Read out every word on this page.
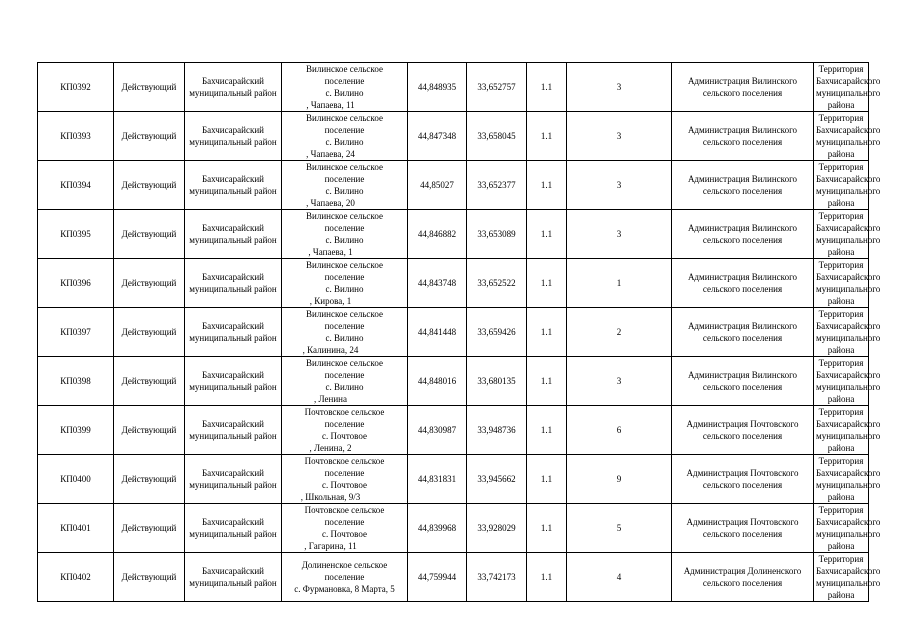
КП0392	Действующий	Бахчисарайский муниципальный район	Вилинское сельское
поселение
с. Вилино
, Чапаева, 11	44,848935	33,652757	1.1	3	Администрация Вилинского сельского поселения	Территория Бахчисарайского муниципального района
КП0393	Действующий	Бахчисарайский муниципальный район	Вилинское сельское
поселение
с. Вилино
, Чапаева, 24	44,847348	33,658045	1.1	3	Администрация Вилинского сельского поселения	Территория Бахчисарайского муниципального района
КП0394	Действующий	Бахчисарайский муниципальный район	Вилинское сельское
поселение
с. Вилино
, Чапаева, 20	44,85027	33,652377	1.1	3	Администрация Вилинского сельского поселения	Территория Бахчисарайского муниципального района
КП0395	Действующий	Бахчисарайский муниципальный район	Вилинское сельское
поселение
с. Вилино
, Чапаева, 1	44,846882	33,653089	1.1	3	Администрация Вилинского сельского поселения	Территория Бахчисарайского муниципального района
КП0396	Действующий	Бахчисарайский муниципальный район	Вилинское сельское
поселение
с. Вилино
, Кирова, 1	44,843748	33,652522	1.1	1	Администрация Вилинского сельского поселения	Территория Бахчисарайского муниципального района
КП0397	Действующий	Бахчисарайский муниципальный район	Вилинское сельское
поселение
с. Вилино
, Калинина, 24	44,841448	33,659426	1.1	2	Администрация Вилинского сельского поселения	Территория Бахчисарайского муниципального района
КП0398	Действующий	Бахчисарайский муниципальный район	Вилинское сельское
поселение
с. Вилино
, Ленина	44,848016	33,680135	1.1	3	Администрация Вилинского сельского поселения	Территория Бахчисарайского муниципального района
КП0399	Действующий	Бахчисарайский муниципальный район	Почтовское сельское
поселение
с. Почтовое
, Ленина, 2	44,830987	33,948736	1.1	6	Администрация Почтовского сельского поселения	Территория Бахчисарайского муниципального района
КП0400	Действующий	Бахчисарайский муниципальный район	Почтовское сельское
поселение
с. Почтовое
, Школьная, 9/3	44,831831	33,945662	1.1	9	Администрация Почтовского сельского поселения	Территория Бахчисарайского муниципального района
КП0401	Действующий	Бахчисарайский муниципальный район	Почтовское сельское
поселение
с. Почтовое
, Гагарина, 11	44,839968	33,928029	1.1	5	Администрация Почтовского сельского поселения	Территория Бахчисарайского муниципального района
КП0402	Действующий	Бахчисарайский муниципальный район	Долиненское сельское
поселение
с. Фурмановка, 8 Марта, 5	44,759944	33,742173	1.1	4	Администрация Долиненского сельского поселения	Территория Бахчисарайского муниципального района
